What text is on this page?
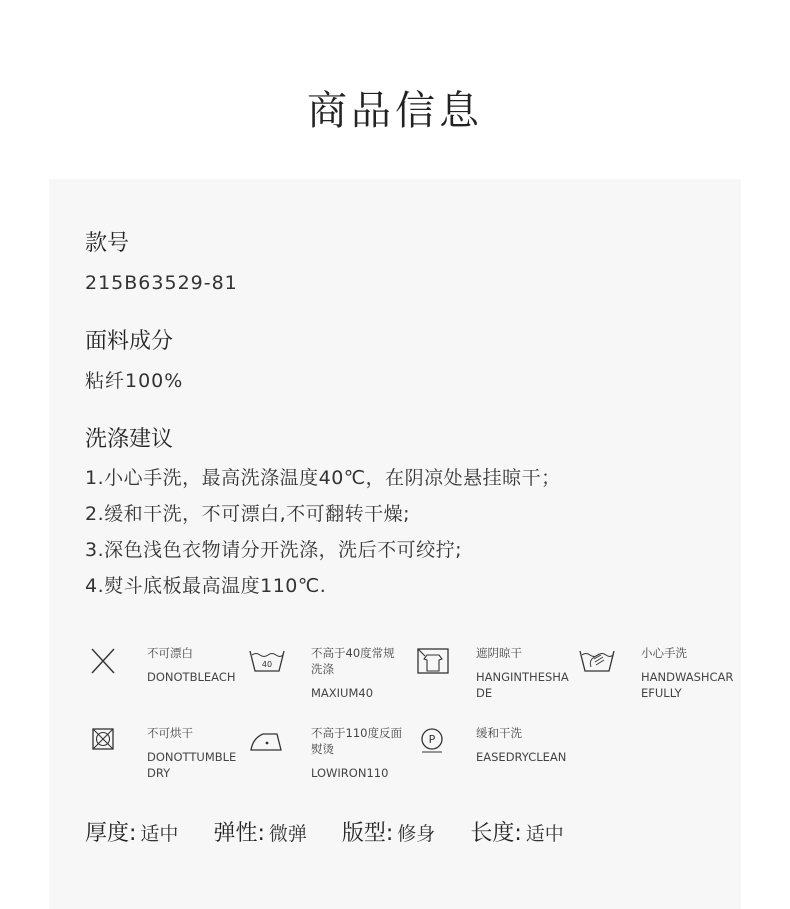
商品信息
款号
215B63529-81
面料成分
粘纤100%
洗涤建议
1.小心手洗，最高洗涤温度40℃，在阴凉处悬挂晾干；
2.缓和干洗，不可漂白,不可翻转干燥;
3.深色浅色衣物请分开洗涤，洗后不可绞拧;
4.熨斗底板最高温度110℃.
不可漂白
DONOTBLEACH
40
不高于40度常规洗涤
MAXIUM40
遮阴晾干
HANGINTHESHADE
小心手洗
HANDWASHCAREFULLY
不可烘干
DONOTTUMBLEDRY
不高于110度反面熨烫
LOWIRON110
P	缓和干洗
EASEDRYCLEAN
厚度: 适中 弹性: 微弹 版型: 修身 长度: 适中
